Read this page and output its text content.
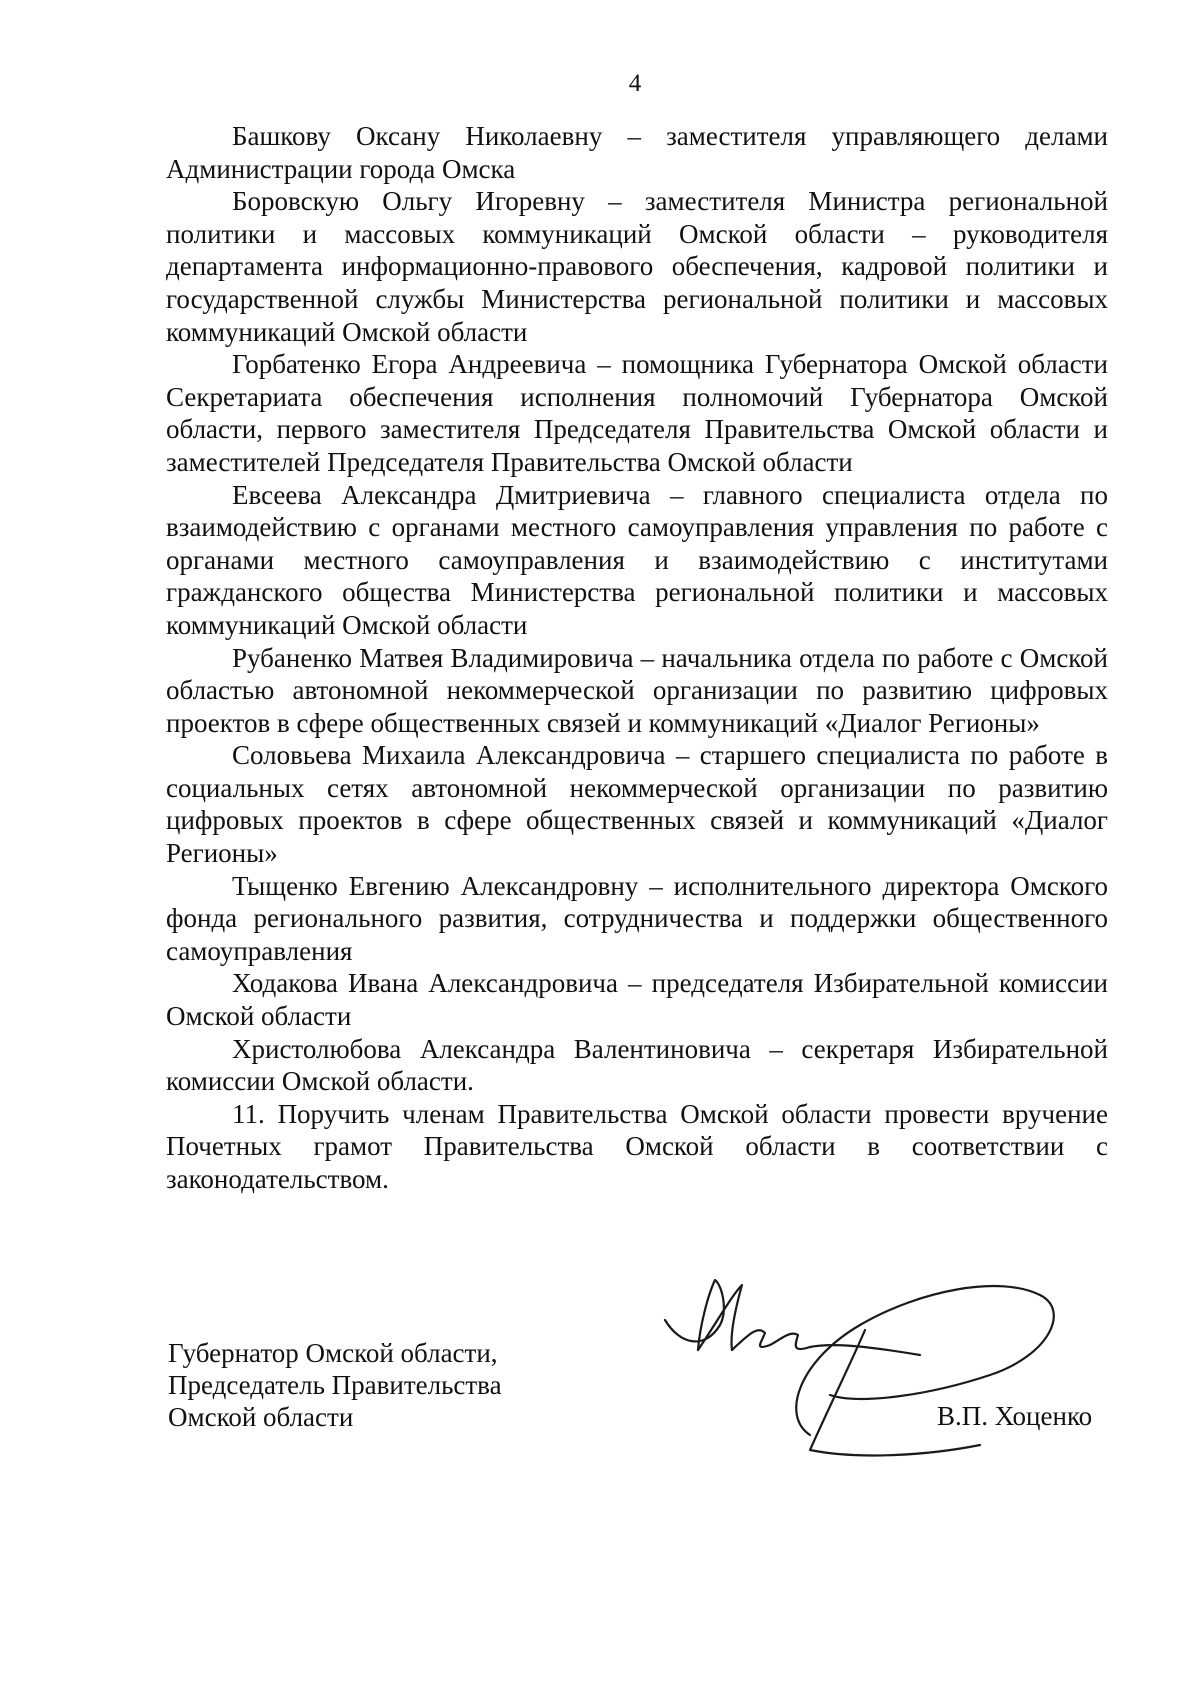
4

Башкову Оксану Николаевну – заместителя управляющего делами Администрации города Омска

Боровскую Ольгу Игоревну – заместителя Министра региональной политики и массовых коммуникаций Омской области – руководителя департамента информационно-правового обеспечения, кадровой политики и государственной службы Министерства региональной политики и массовых коммуникаций Омской области

Горбатенко Егора Андреевича – помощника Губернатора Омской области Секретариата обеспечения исполнения полномочий Губернатора Омской области, первого заместителя Председателя Правительства Омской области и заместителей Председателя Правительства Омской области

Евсеева Александра Дмитриевича – главного специалиста отдела по взаимодействию с органами местного самоуправления управления по работе с органами местного самоуправления и взаимодействию с институтами гражданского общества Министерства региональной политики и массовых коммуникаций Омской области

Рубаненко Матвея Владимировича – начальника отдела по работе с Омской областью автономной некоммерческой организации по развитию цифровых проектов в сфере общественных связей и коммуникаций «Диалог Регионы»

Соловьева Михаила Александровича – старшего специалиста по работе в социальных сетях автономной некоммерческой организации по развитию цифровых проектов в сфере общественных связей и коммуникаций «Диалог Регионы»

Тыщенко Евгению Александровну – исполнительного директора Омского фонда регионального развития, сотрудничества и поддержки общественного самоуправления

Ходакова Ивана Александровича – председателя Избирательной комиссии Омской области

Христолюбова Александра Валентиновича – секретаря Избирательной комиссии Омской области.

11. Поручить членам Правительства Омской области провести вручение Почетных грамот Правительства Омской области в соответствии с законодательством.

Губернатор Омской области,
Председатель Правительства
Омской области	В.П. Хоценко
